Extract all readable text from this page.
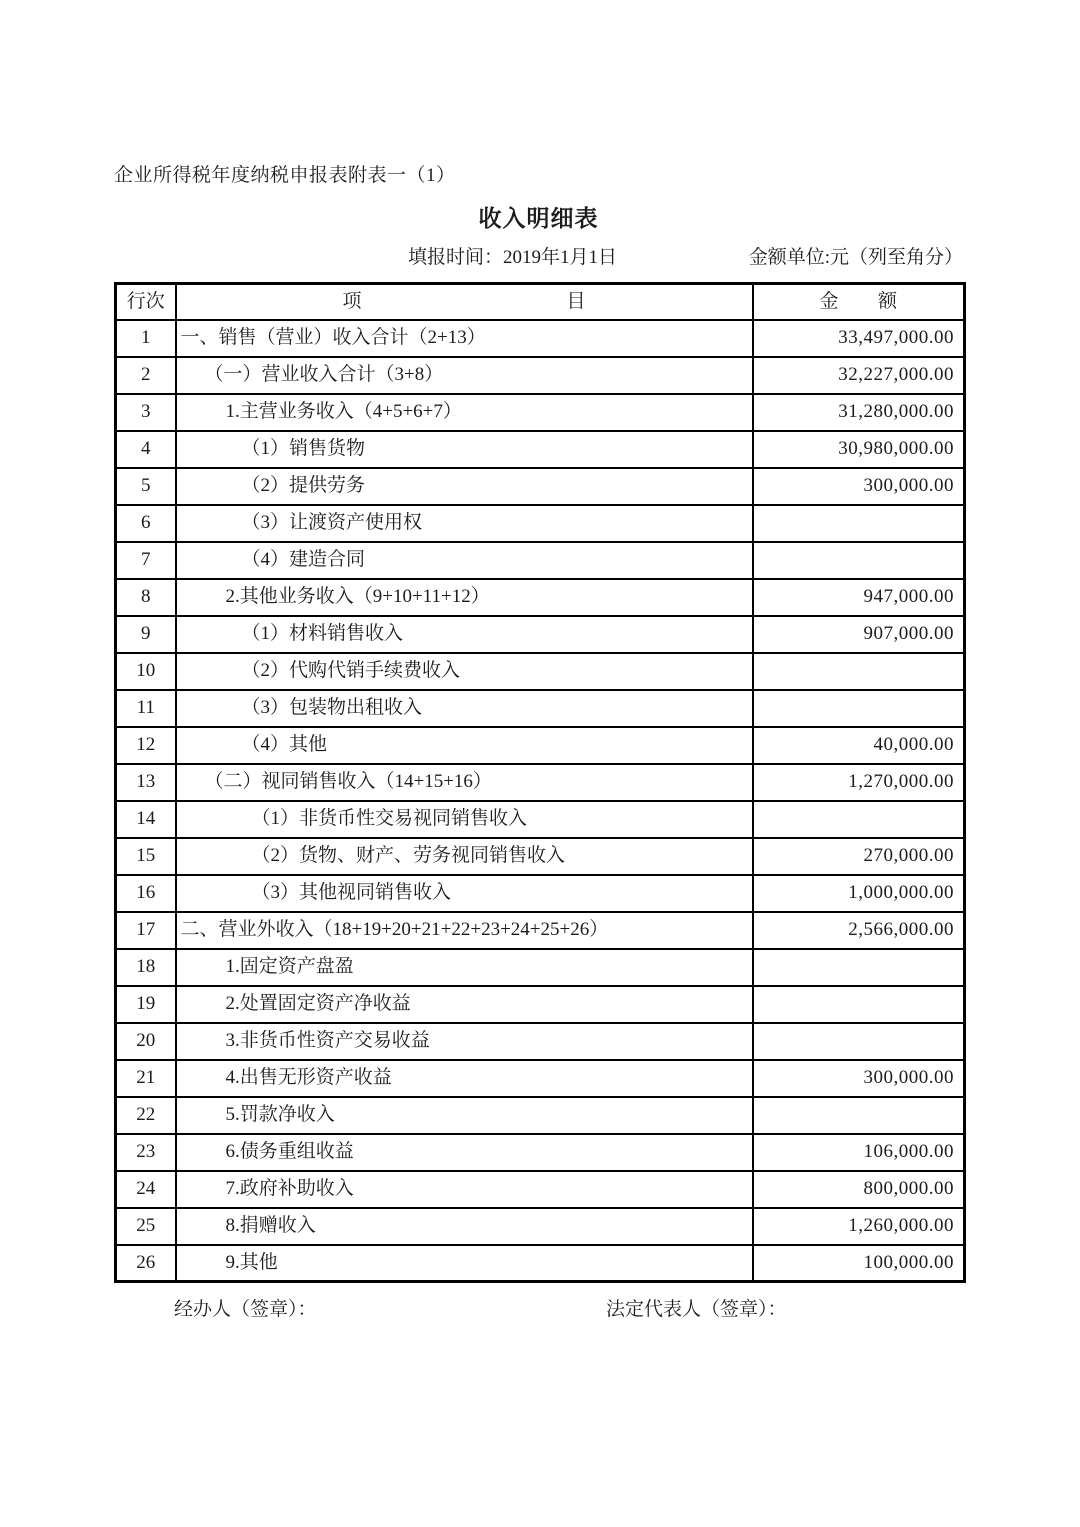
企业所得税年度纳税申报表附表一（1）
收入明细表
填报时间：2019年1月1日	金额单位:元（列至角分）
行次	项目	金额

1	一、销售（营业）收入合计（2+13）	33,497,000.00
2	（一）营业收入合计（3+8）	32,227,000.00
3	1.主营业务收入（4+5+6+7）	31,280,000.00
4	（1）销售货物	30,980,000.00
5	（2）提供劳务	300,000.00
6	（3）让渡资产使用权	
7	（4）建造合同	
8	2.其他业务收入（9+10+11+12）	947,000.00
9	（1）材料销售收入	907,000.00
10	（2）代购代销手续费收入	
11	（3）包装物出租收入	
12	（4）其他	40,000.00
13	（二）视同销售收入（14+15+16）	1,270,000.00
14	（1）非货币性交易视同销售收入	
15	（2）货物、财产、劳务视同销售收入	270,000.00
16	（3）其他视同销售收入	1,000,000.00
17	二、营业外收入（18+19+20+21+22+23+24+25+26）	2,566,000.00
18	1.固定资产盘盈	
19	2.处置固定资产净收益	
20	3.非货币性资产交易收益	
21	4.出售无形资产收益	300,000.00
22	5.罚款净收入	
23	6.债务重组收益	106,000.00
24	7.政府补助收入	800,000.00
25	8.捐赠收入	1,260,000.00
26	9.其他	100,000.00
经办人（签章）：	法定代表人（签章）：
